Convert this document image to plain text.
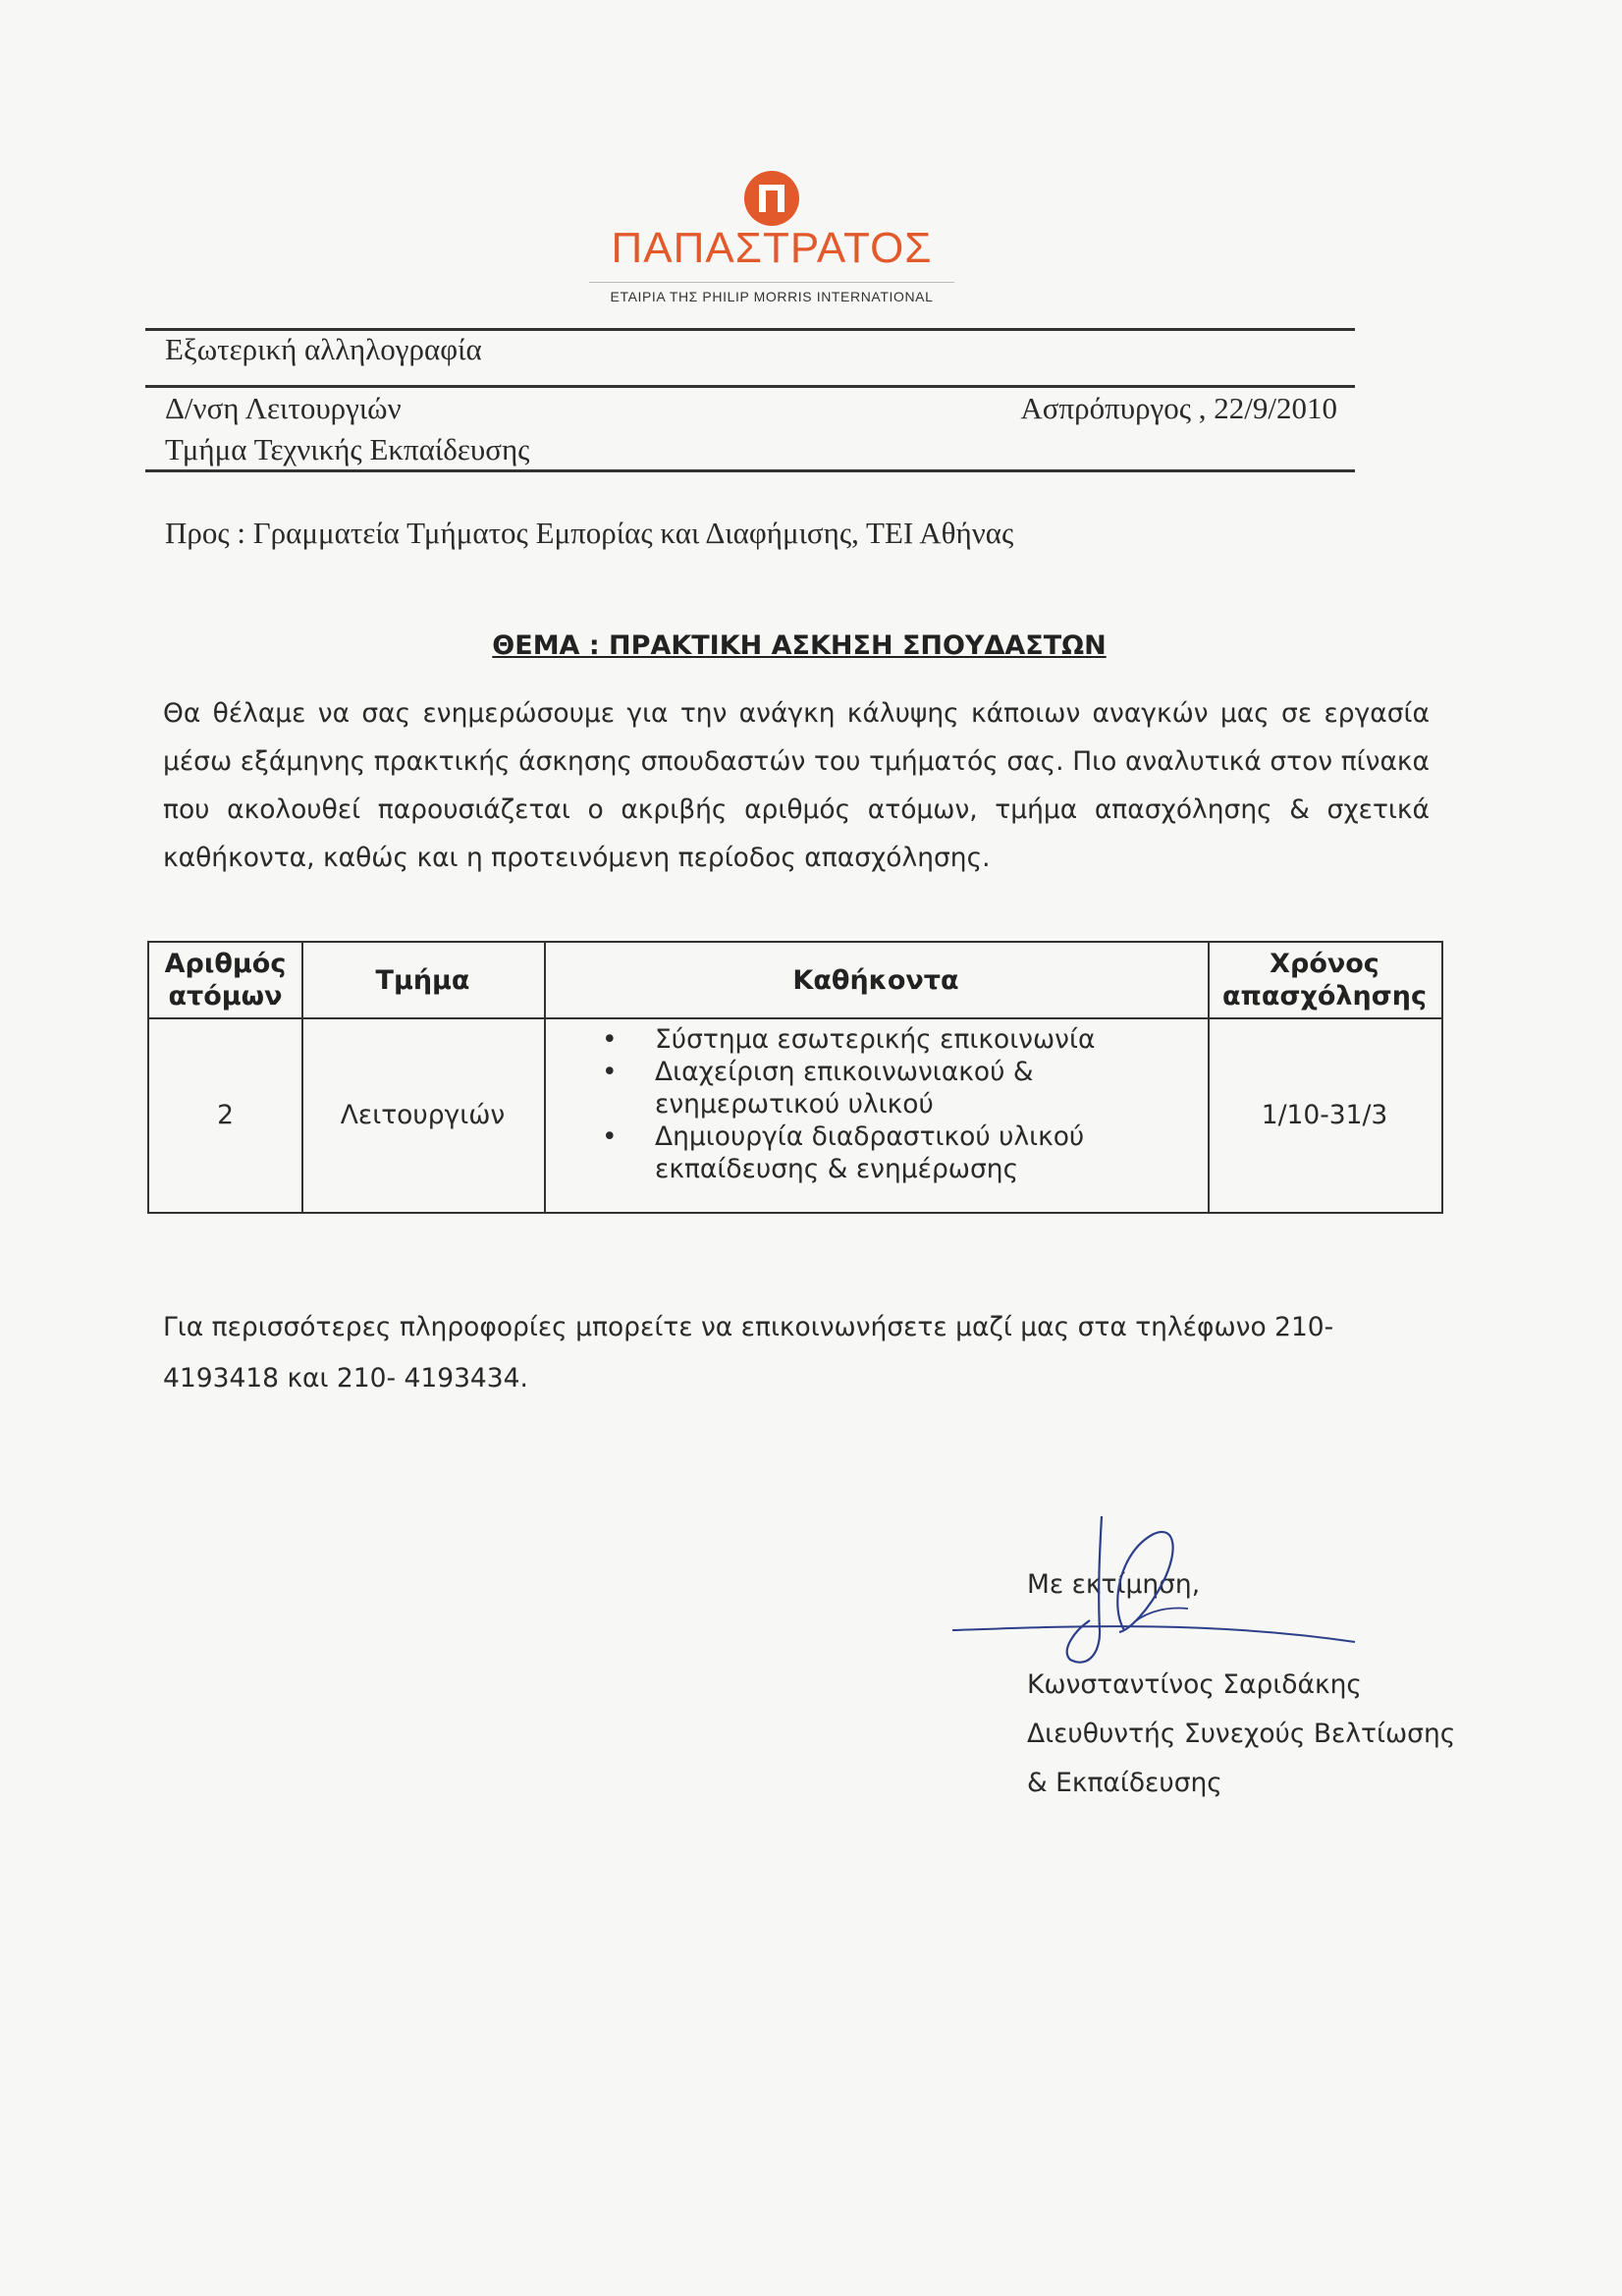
ΠΑΠΑΣΤΡΑΤΟΣ
ΕΤΑΙΡΙΑ ΤΗΣ PHILIP MORRIS INTERNATIONAL
Εξωτερική αλληλογραφία
Δ/νση Λειτουργιών
Τμήμα Τεχνικής Εκπαίδευσης
Ασπρόπυργος , 22/9/2010
Προς : Γραμματεία Τμήματος Εμπορίας και Διαφήμισης, ΤΕΙ Αθήνας
ΘΕΜΑ : ΠΡΑΚΤΙΚΗ ΑΣΚΗΣΗ ΣΠΟΥΔΑΣΤΩΝ
Θα θέλαμε να σας ενημερώσουμε για την ανάγκη κάλυψης κάποιων αναγκών μας σε εργασία μέσω εξάμηνης πρακτικής άσκησης σπουδαστών του τμήματός σας. Πιο αναλυτικά στον πίνακα που ακολουθεί παρουσιάζεται ο ακριβής αριθμός ατόμων, τμήμα απασχόλησης & σχετικά καθήκοντα, καθώς και η προτεινόμενη περίοδος απασχόλησης.
Αριθμός
ατόμων
Τμήμα	Καθήκοντα
Χρόνος
απασχόλησης
2	Λειτουργιών
• Σύστημα εσωτερικής επικοινωνία
• Διαχείριση επικοινωνιακού &
ενημερωτικού υλικού
• Δημιουργία διαδραστικού υλικού
εκπαίδευσης & ενημέρωσης
1/10-31/3
Για περισσότερες πληροφορίες μπορείτε να επικοινωνήσετε μαζί μας στα τηλέφωνο 210-
4193418 και 210- 4193434.
Με εκτίμηση,
Κωνσταντίνος Σαριδάκης
Διευθυντής Συνεχούς Βελτίωσης
& Εκπαίδευσης
